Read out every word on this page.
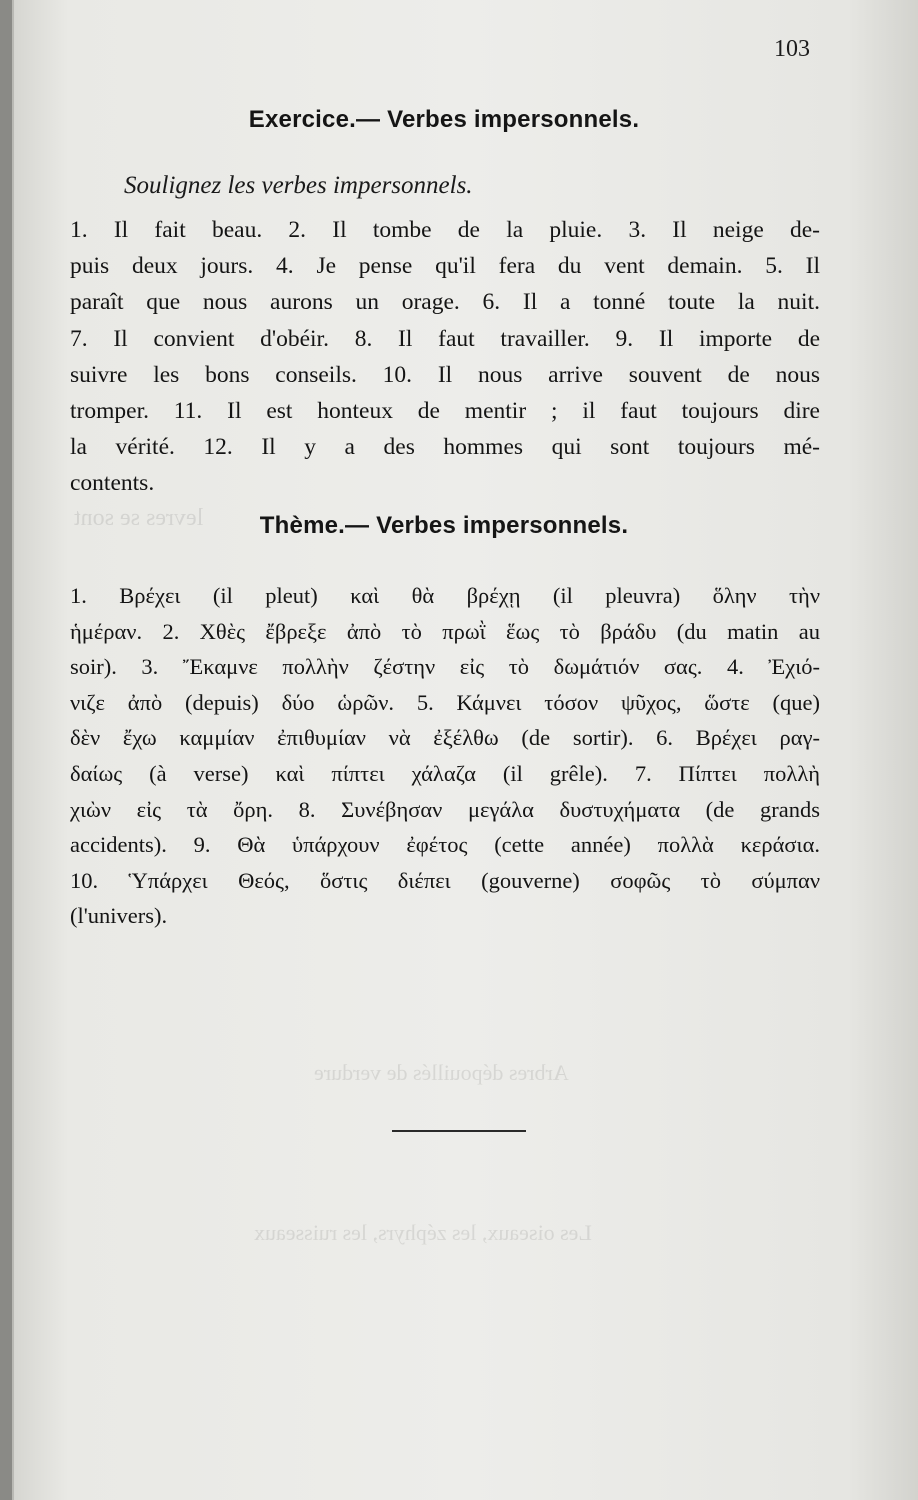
levres se sont
Arbres dépouillés de verdure
Les oiseaux, les zéphyrs, les ruisseaux
103
Exercice.— Verbes impersonnels.
Soulignez les verbes impersonnels.
1. Il fait beau. 2. Il tombe de la pluie. 3. Il neige de-
puis deux jours. 4. Je pense qu'il fera du vent demain. 5. Il
paraît que nous aurons un orage. 6. Il a tonné toute la nuit.
7. Il convient d'obéir. 8. Il faut travailler. 9. Il importe de
suivre les bons conseils. 10. Il nous arrive souvent de nous
tromper. 11. Il est honteux de mentir ; il faut toujours dire
la vérité. 12. Il y a des hommes qui sont toujours mé-
contents.
Thème.— Verbes impersonnels.
1. Βρέχει (il pleut) καὶ θὰ βρέχῃ (il pleuvra) ὅλην τὴν
ἡμέραν. 2. Χθὲς ἔβρεξε ἀπὸ τὸ πρωῒ ἕως τὸ βράδυ (du matin au
soir). 3. Ἔκαμνε πολλὴν ζέστην εἰς τὸ δωμάτιόν σας. 4. Ἐχιό-
νιζε ἀπὸ (depuis) δύο ὡρῶν. 5. Κάμνει τόσον ψῦχος, ὥστε (que)
δὲν ἔχω καμμίαν ἐπιθυμίαν νὰ ἐξέλθω (de sortir). 6. Βρέχει ραγ-
δαίως (à verse) καὶ πίπτει χάλαζα (il grêle). 7. Πίπτει πολλὴ
χιὼν εἰς τὰ ὄρη. 8. Συνέβησαν μεγάλα δυστυχήματα (de grands
accidents). 9. Θὰ ὑπάρχουν ἐφέτος (cette année) πολλὰ κεράσια.
10. Ὑπάρχει Θεός, ὅστις διέπει (gouverne) σοφῶς τὸ σύμπαν
(l'univers).
